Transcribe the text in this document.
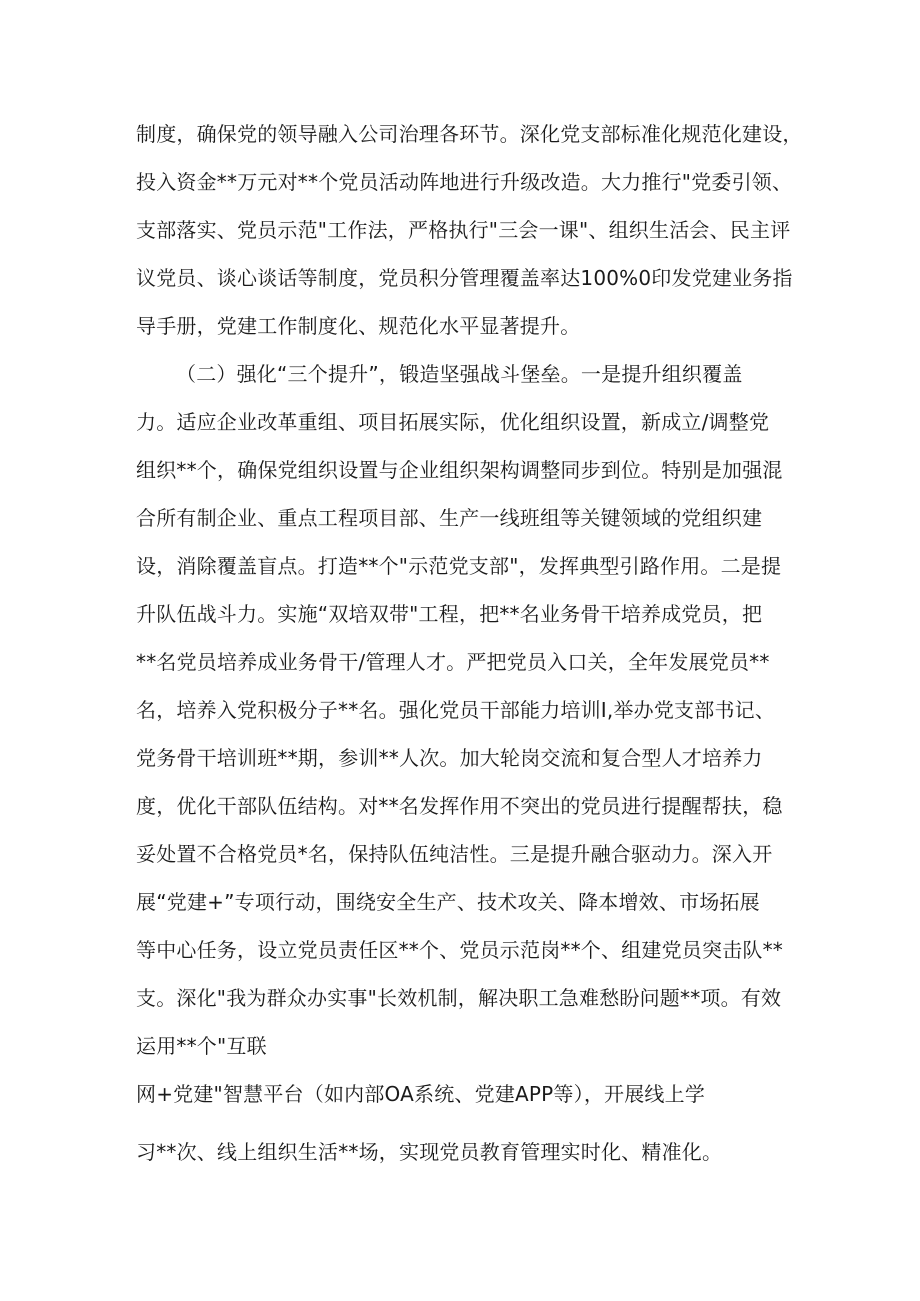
制度，确保党的领导融入公司治理各环节。深化党支部标准化规范化建设，
投入资金**万元对**个党员活动阵地进行升级改造。大力推行"党委引领、
支部落实、党员示范"工作法，严格执行"三会一课"、组织生活会、民主评
议党员、谈心谈话等制度，党员积分管理覆盖率达100%0印发党建业务指
导手册，党建工作制度化、规范化水平显著提升。
（二）强化“三个提升”，锻造坚强战斗堡垒。一是提升组织覆盖
力。适应企业改革重组、项目拓展实际，优化组织设置，新成立/调整党
组织**个，确保党组织设置与企业组织架构调整同步到位。特别是加强混
合所有制企业、重点工程项目部、生产一线班组等关键领域的党组织建
设，消除覆盖盲点。打造**个"示范党支部"，发挥典型引路作用。二是提
升队伍战斗力。实施“双培双带"工程，把**名业务骨干培养成党员，把
**名党员培养成业务骨干/管理人才。严把党员入口关，全年发展党员**
名，培养入党积极分子**名。强化党员干部能力培训I,举办党支部书记、
党务骨干培训班**期，参训**人次。加大轮岗交流和复合型人才培养力
度，优化干部队伍结构。对**名发挥作用不突出的党员进行提醒帮扶，稳
妥处置不合格党员*名，保持队伍纯洁性。三是提升融合驱动力。深入开
展“党建+”专项行动，围绕安全生产、技术攻关、降本增效、市场拓展
等中心任务，设立党员责任区**个、党员示范岗**个、组建党员突击队**
支。深化"我为群众办实事"长效机制，解决职工急难愁盼问题**项。有效
运用**个"互联
网+党建"智慧平台（如内部OA系统、党建APP等），开展线上学
习**次、线上组织生活**场，实现党员教育管理实时化、精准化。
